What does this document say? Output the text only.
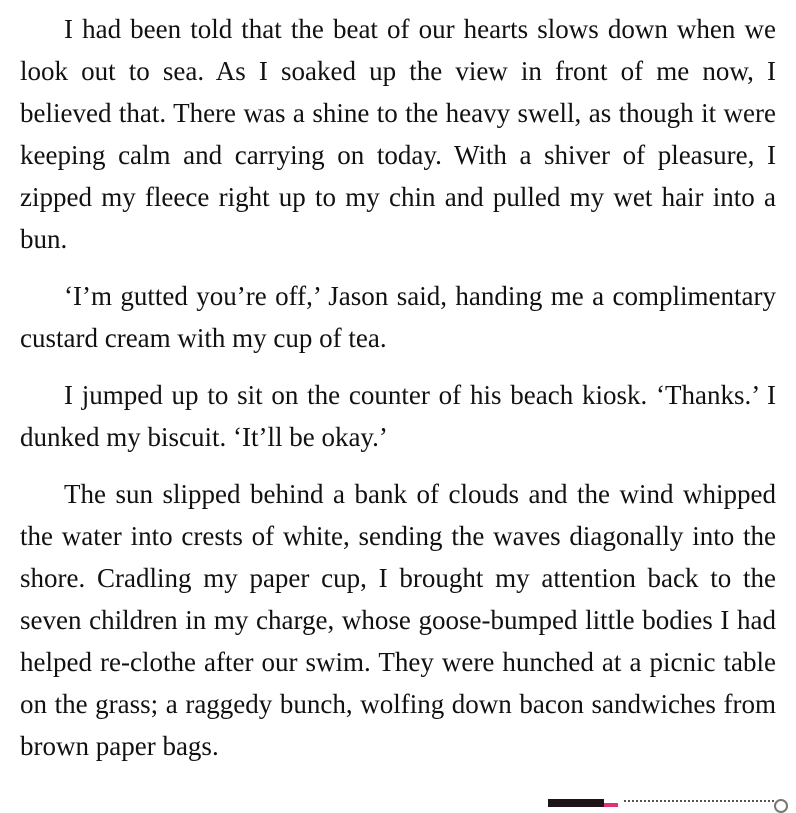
I had been told that the beat of our hearts slows down when we look out to sea. As I soaked up the view in front of me now, I believed that. There was a shine to the heavy swell, as though it were keeping calm and carrying on today. With a shiver of pleasure, I zipped my fleece right up to my chin and pulled my wet hair into a bun.

‘I’m gutted you’re off,’ Jason said, handing me a complimentary custard cream with my cup of tea.

I jumped up to sit on the counter of his beach kiosk. ‘Thanks.’ I dunked my biscuit. ‘It’ll be okay.’

The sun slipped behind a bank of clouds and the wind whipped the water into crests of white, sending the waves diagonally into the shore. Cradling my paper cup, I brought my attention back to the seven children in my charge, whose goose-bumped little bodies I had helped re-clothe after our swim. They were hunched at a picnic table on the grass; a raggedy bunch, wolfing down bacon sandwiches from brown paper bags.
